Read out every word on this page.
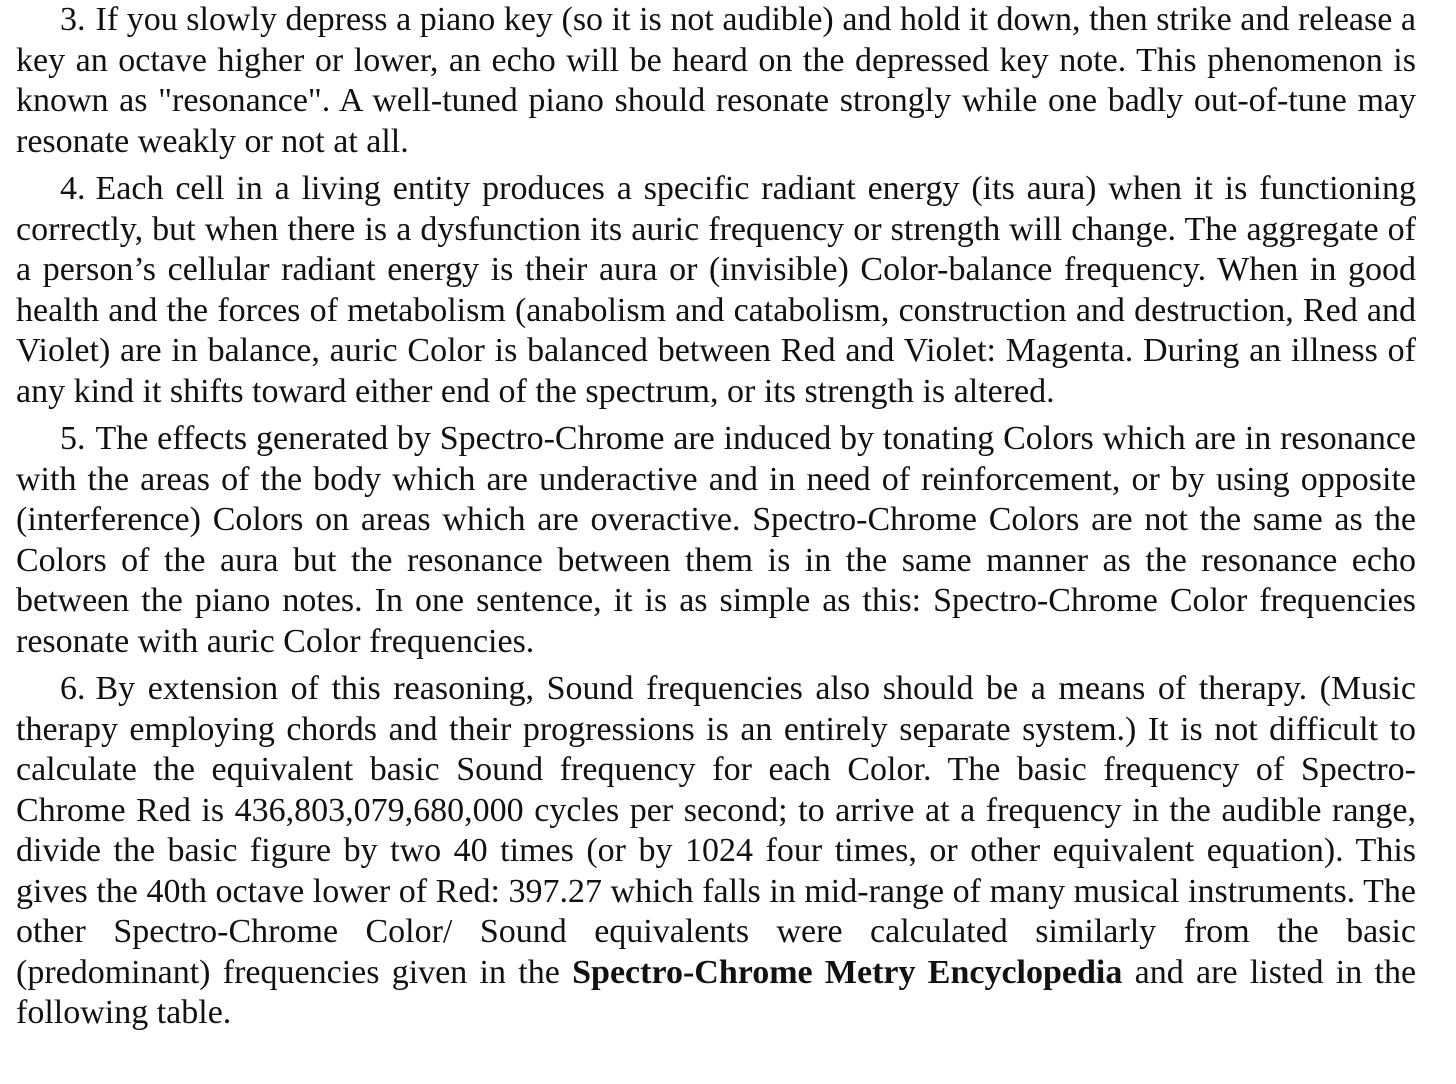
3. If you slowly depress a piano key (so it is not audible) and hold it down, then strike and release a key an octave higher or lower, an echo will be heard on the depressed key note. This phenomenon is known as "resonance". A well-tuned piano should resonate strongly while one badly out-of-tune may resonate weakly or not at all.

4. Each cell in a living entity produces a specific radiant energy (its aura) when it is functioning correctly, but when there is a dysfunction its auric frequency or strength will change. The aggregate of a person’s cellular radiant energy is their aura or (invisible) Color-balance frequency. When in good health and the forces of metabolism (anabolism and catabolism, construction and destruction, Red and Violet) are in balance, auric Color is balanced between Red and Violet: Magenta. During an illness of any kind it shifts toward either end of the spectrum, or its strength is altered.

5. The effects generated by Spectro-Chrome are induced by tonating Colors which are in resonance with the areas of the body which are underactive and in need of reinforcement, or by using opposite (interference) Colors on areas which are overactive. Spectro-Chrome Colors are not the same as the Colors of the aura but the resonance between them is in the same manner as the resonance echo between the piano notes. In one sentence, it is as simple as this: Spectro-Chrome Color frequencies resonate with auric Color frequencies.

6. By extension of this reasoning, Sound frequencies also should be a means of therapy. (Music therapy employing chords and their progressions is an entirely separate system.) It is not difficult to calculate the equivalent basic Sound frequency for each Color. The basic frequency of Spectro-Chrome Red is 436,803,079,680,000 cycles per second; to arrive at a frequency in the audible range, divide the basic figure by two 40 times (or by 1024 four times, or other equivalent equation). This gives the 40th octave lower of Red: 397.27 which falls in mid-range of many musical instruments. The other Spectro-Chrome Color/ Sound equivalents were calculated similarly from the basic (predominant) frequencies given in the Spectro-Chrome Metry Encyclopedia and are listed in the following table.
